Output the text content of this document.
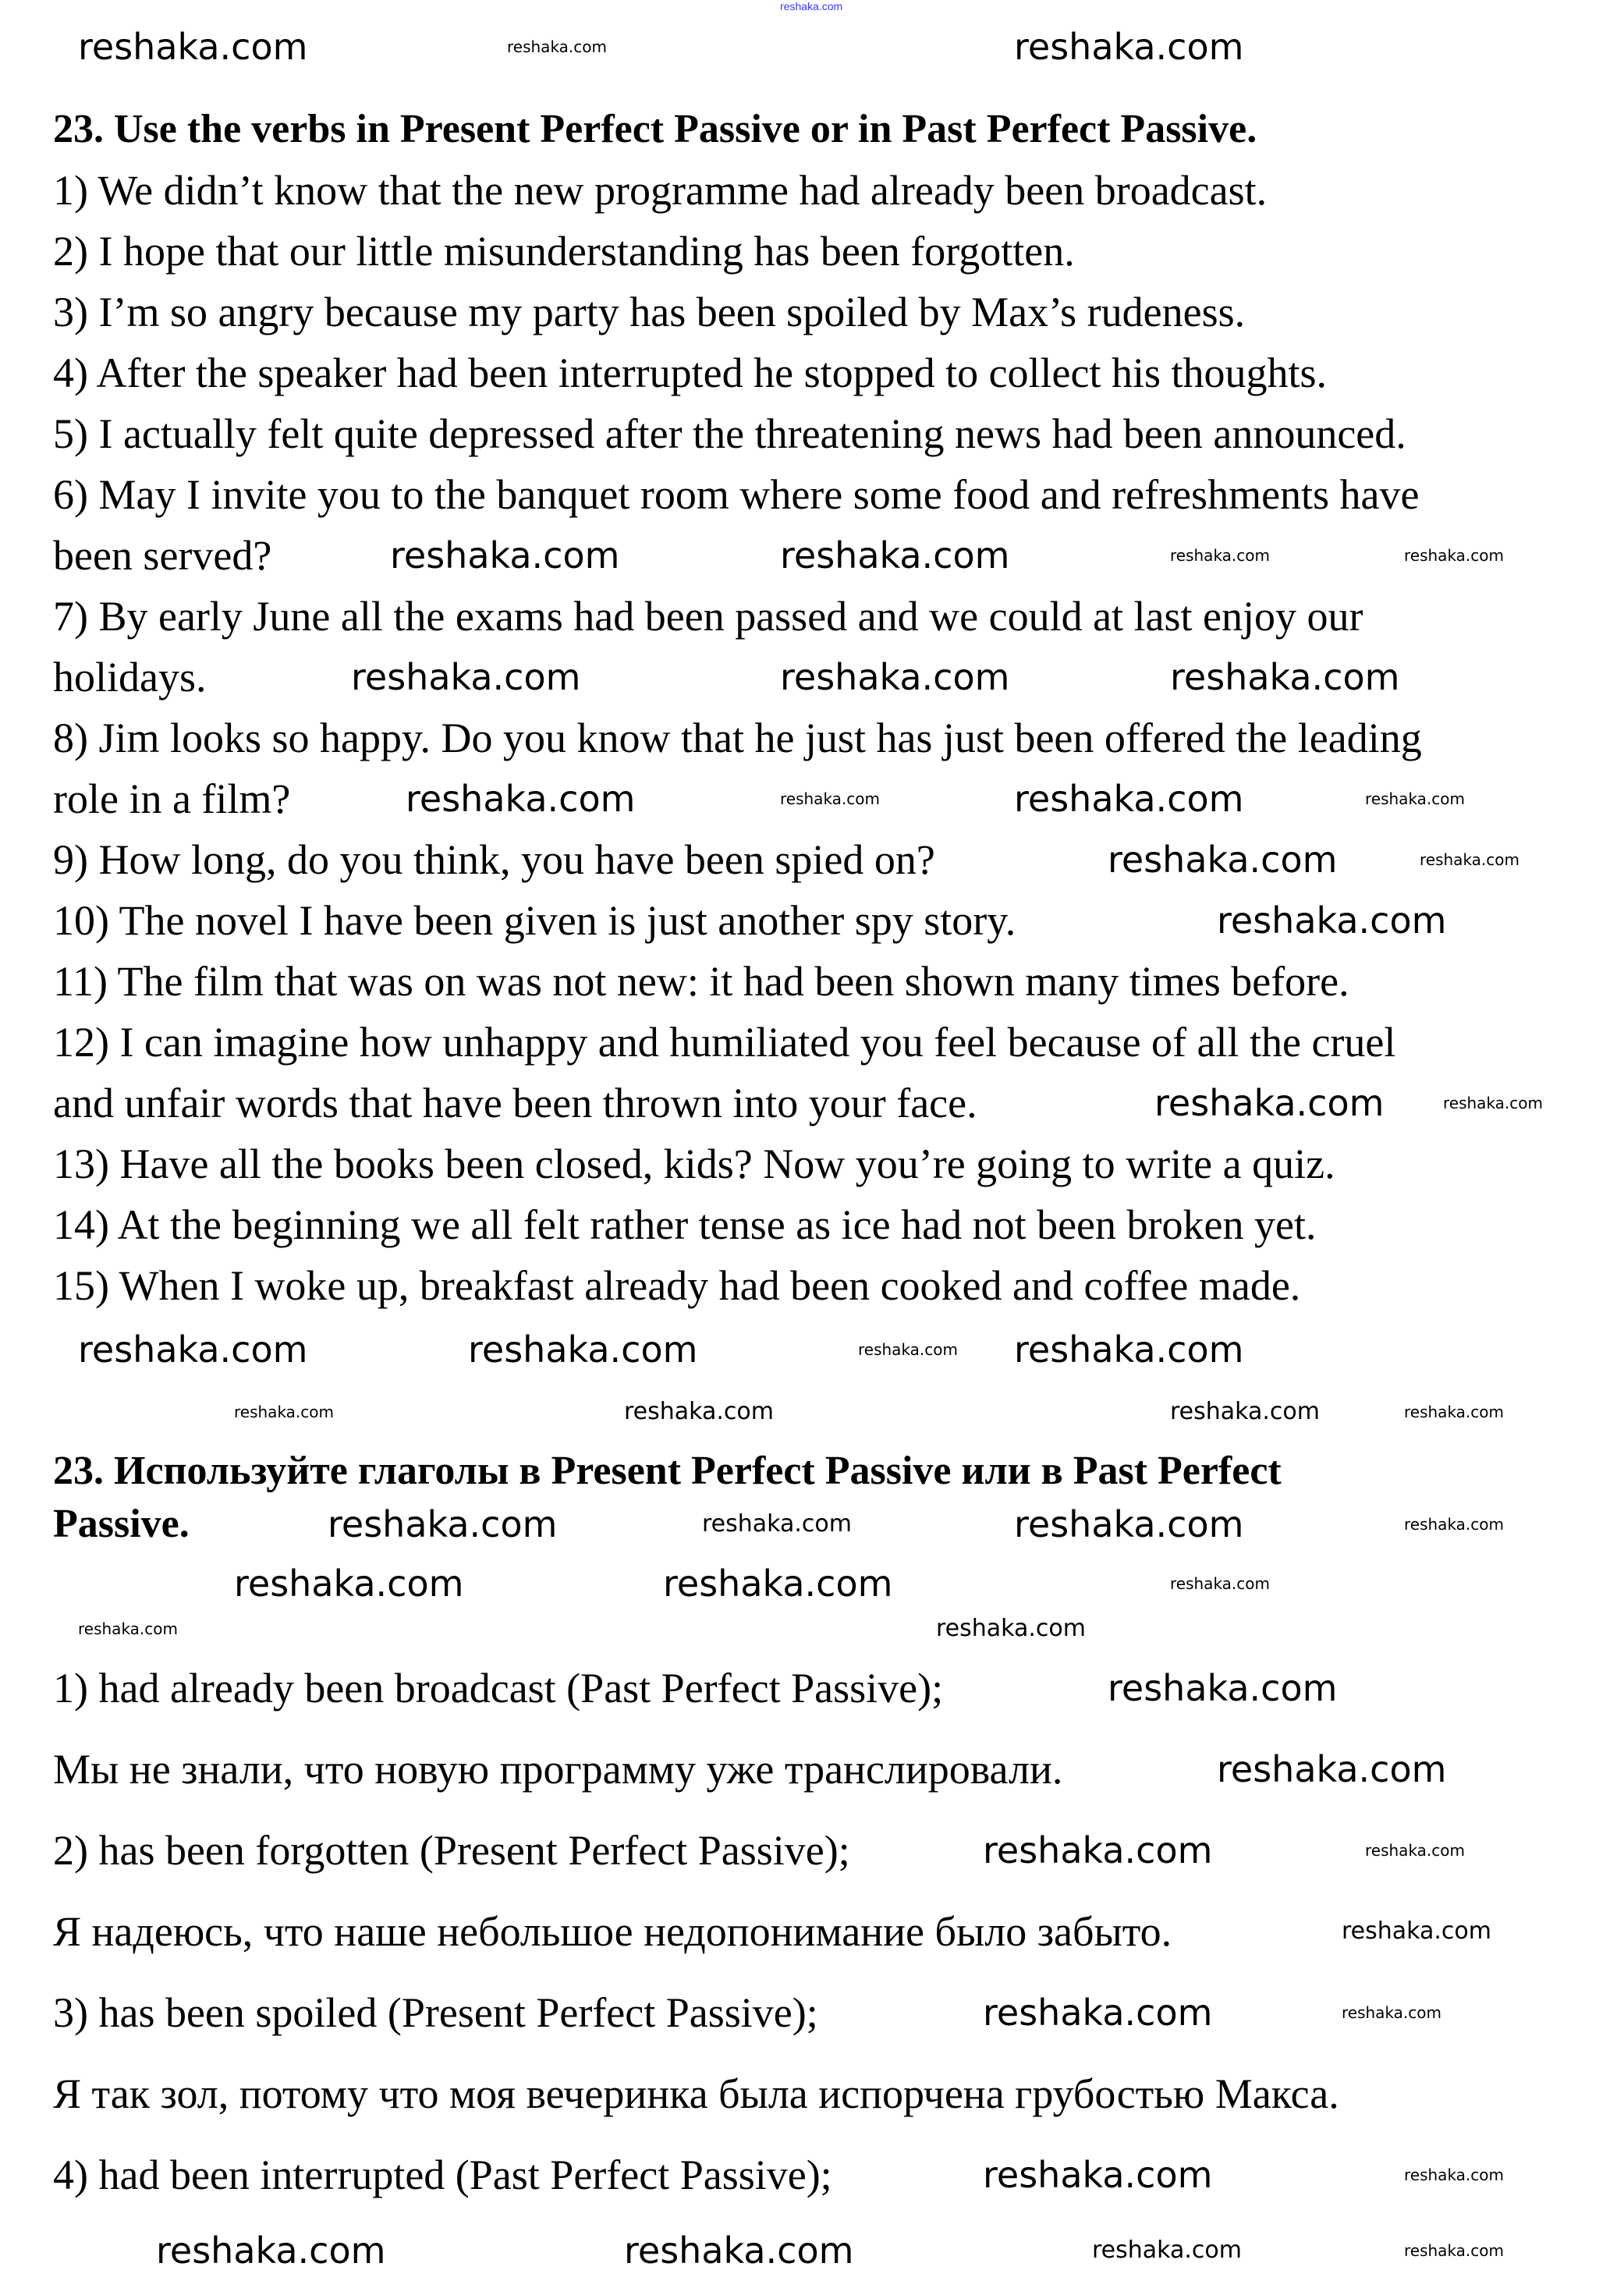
reshaka.com
23. Use the verbs in Present Perfect Passive or in Past Perfect Passive.
1) We didn’t know that the new programme had already been broadcast.
2) I hope that our little misunderstanding has been forgotten.
3) I’m so angry because my party has been spoiled by Max’s rudeness.
4) After the speaker had been interrupted he stopped to collect his thoughts.
5) I actually felt quite depressed after the threatening news had been announced.
6) May I invite you to the banquet room where some food and refreshments have
been served?
7) By early June all the exams had been passed and we could at last enjoy our
holidays.
8) Jim looks so happy. Do you know that he just has just been offered the leading
role in a film?
9) How long, do you think, you have been spied on?
10) The novel I have been given is just another spy story.
11) The film that was on was not new: it had been shown many times before.
12) I can imagine how unhappy and humiliated you feel because of all the cruel
and unfair words that have been thrown into your face.
13) Have all the books been closed, kids? Now you’re going to write a quiz.
14) At the beginning we all felt rather tense as ice had not been broken yet.
15) When I woke up, breakfast already had been cooked and coffee made.
23. Используйте глаголы в Present Perfect Passive или в Past Perfect
Passive.
1) had already been broadcast (Past Perfect Passive);
Мы не знали, что новую программу уже транслировали.
2) has been forgotten (Present Perfect Passive);
Я надеюсь, что наше небольшое недопонимание было забыто.
3) has been spoiled (Present Perfect Passive);
Я так зол, потому что моя вечеринка была испорчена грубостью Макса.
4) had been interrupted (Past Perfect Passive);
reshaka.com	reshaka.com	reshaka.com
reshaka.com	reshaka.com	reshaka.com	reshaka.com
reshaka.com	reshaka.com	reshaka.com
reshaka.com	reshaka.com	reshaka.com	reshaka.com
reshaka.com	reshaka.com
reshaka.com
reshaka.com	reshaka.com
reshaka.com	reshaka.com	reshaka.com reshaka.com
reshaka.com	reshaka.com	reshaka.com	reshaka.com
reshaka.com	reshaka.com	reshaka.com	reshaka.com
reshaka.com	reshaka.com	reshaka.com
reshaka.com	reshaka.com
reshaka.com
reshaka.com
reshaka.com	reshaka.com
reshaka.com
reshaka.com	reshaka.com
reshaka.com	reshaka.com
reshaka.com	reshaka.com	reshaka.com	reshaka.com
